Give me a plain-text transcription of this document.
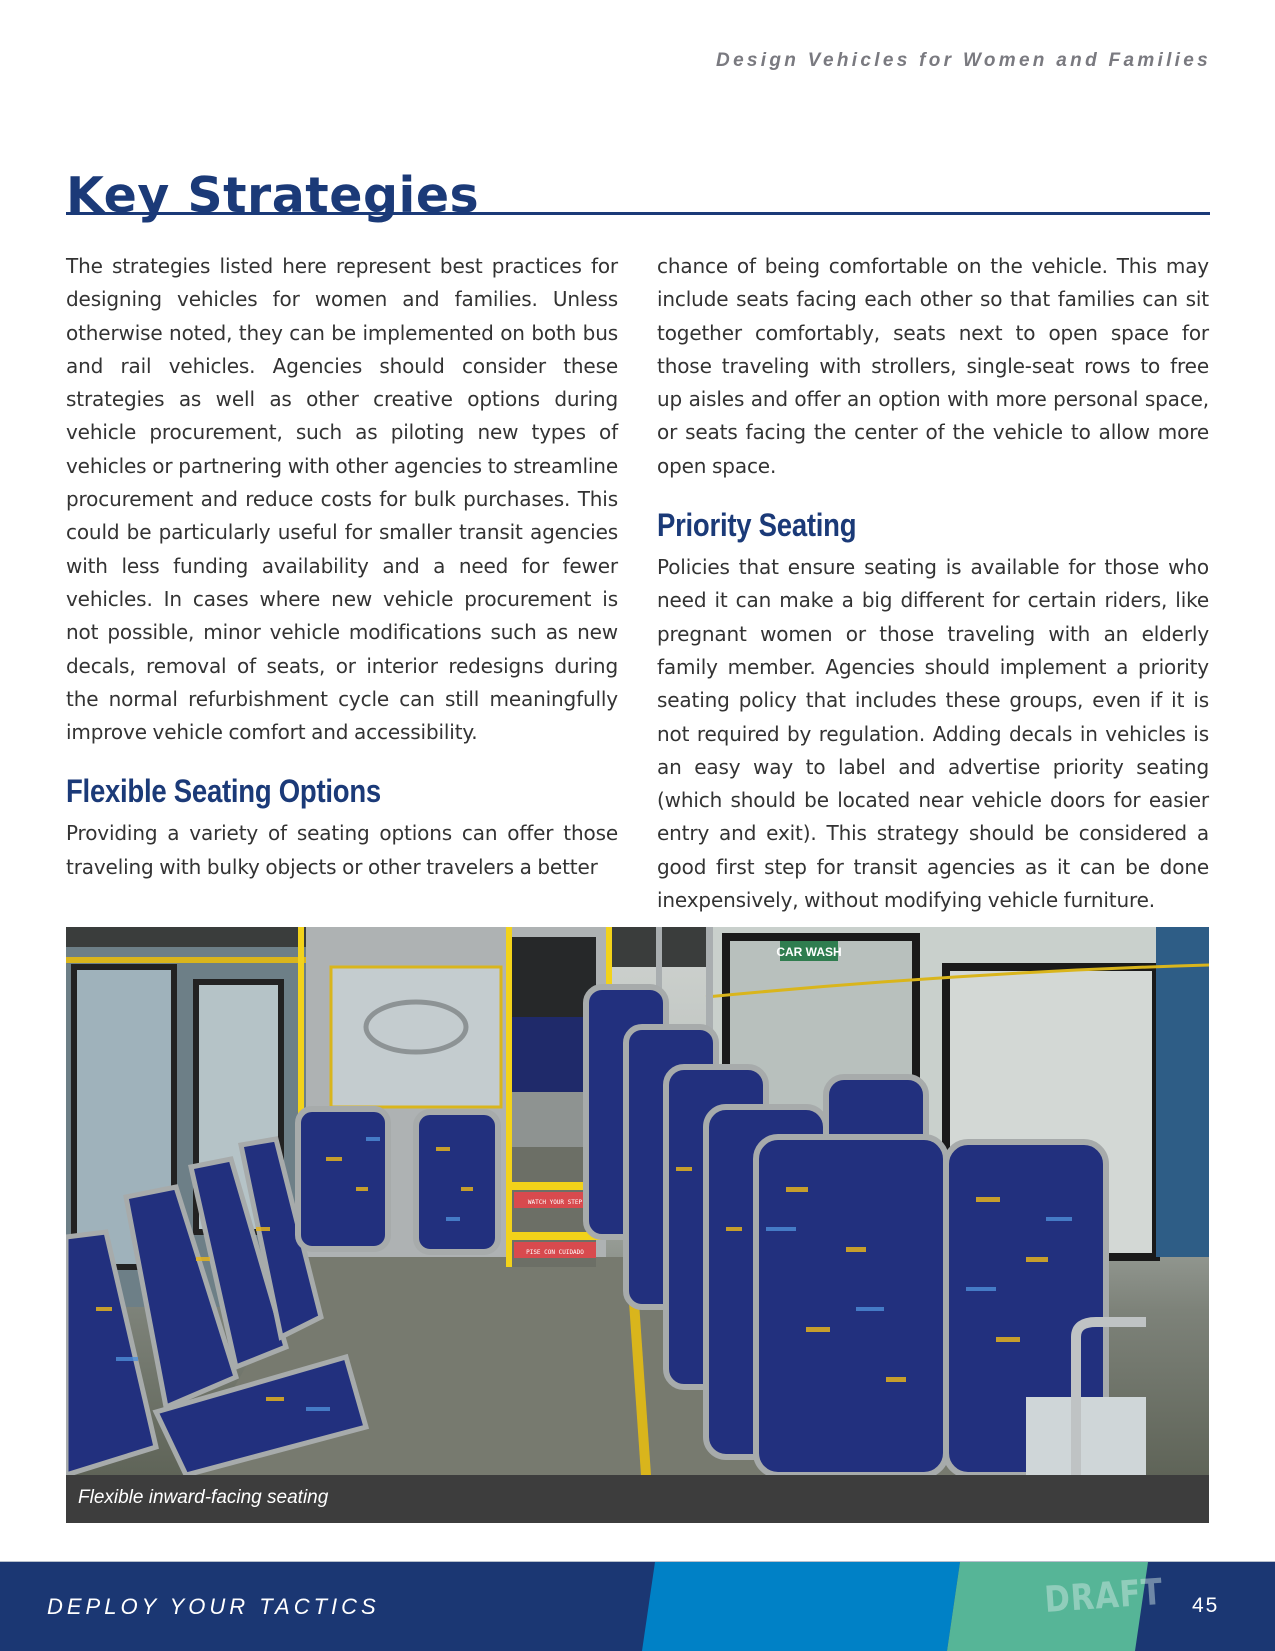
Design Vehicles for Women and Families
Key Strategies

The strategies listed here represent best practices for designing vehicles for women and families. Unless otherwise noted, they can be implemented on both bus and rail vehicles. Agencies should consider these strategies as well as other creative options during vehicle procurement, such as piloting new types of vehicles or partnering with other agencies to streamline procurement and reduce costs for bulk purchases. This could be particularly useful for smaller transit agencies with less funding availability and a need for fewer vehicles. In cases where new vehicle procurement is not possible, minor vehicle modifications such as new decals, removal of seats, or interior redesigns during the normal refurbishment cycle can still meaningfully improve vehicle comfort and accessibility.

Flexible Seating Options

Providing a variety of seating options can offer those traveling with bulky objects or other travelers a better

chance of being comfortable on the vehicle. This may include seats facing each other so that families can sit together comfortably, seats next to open space for those traveling with strollers, single-seat rows to free up aisles and offer an option with more personal space, or seats facing the center of the vehicle to allow more open space.

Priority Seating

Policies that ensure seating is available for those who need it can make a big different for certain riders, like pregnant women or those traveling with an elderly family member. Agencies should implement a priority seating policy that includes these groups, even if it is not required by regulation. Adding decals in vehicles is an easy way to label and advertise priority seating (which should be located near vehicle doors for easier entry and exit). This strategy should be considered a good first step for transit agencies as it can be done inexpensively, without modifying vehicle furniture.

CAR WASH
WATCH YOUR STEP
PISE CON CUIDADO
Flexible inward-facing seating
DEPLOY YOUR TACTICS	DRAFT 45
